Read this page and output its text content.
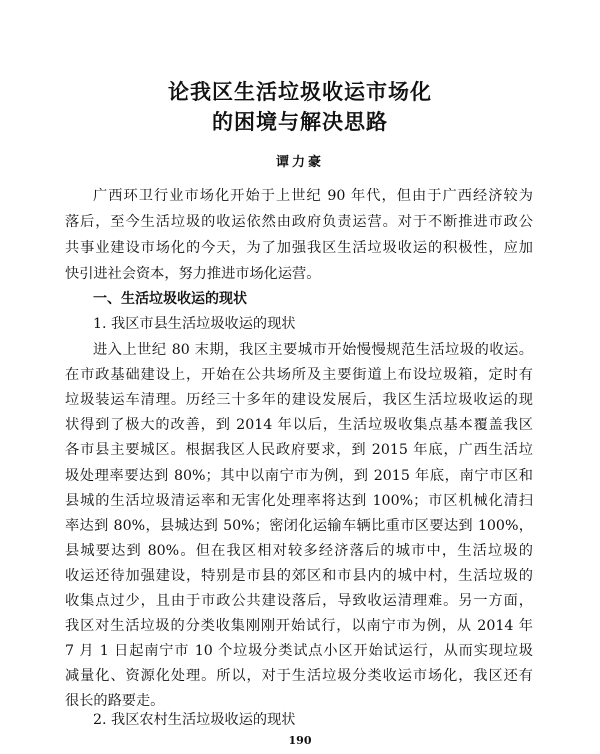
论我区生活垃圾收运市场化
的困境与解决思路
谭力豪
广西环卫行业市场化开始于上世纪 90 年代，但由于广西经济较为
落后，至今生活垃圾的收运依然由政府负责运营。对于不断推进市政公
共事业建设市场化的今天，为了加强我区生活垃圾收运的积极性，应加
快引进社会资本，努力推进市场化运营。
一、生活垃圾收运的现状
1. 我区市县生活垃圾收运的现状
进入上世纪 80 末期，我区主要城市开始慢慢规范生活垃圾的收运。
在市政基础建设上，开始在公共场所及主要街道上布设垃圾箱，定时有
垃圾装运车清理。历经三十多年的建设发展后，我区生活垃圾收运的现
状得到了极大的改善，到 2014 年以后，生活垃圾收集点基本覆盖我区
各市县主要城区。根据我区人民政府要求，到 2015 年底，广西生活垃
圾处理率要达到 80%；其中以南宁市为例，到 2015 年底，南宁市区和
县城的生活垃圾清运率和无害化处理率将达到 100%；市区机械化清扫
率达到 80%，县城达到 50%；密闭化运输车辆比重市区要达到 100%，
县城要达到 80%。但在我区相对较多经济落后的城市中，生活垃圾的
收运还待加强建设，特别是市县的郊区和市县内的城中村，生活垃圾的
收集点过少，且由于市政公共建设落后，导致收运清理难。另一方面，
我区对生活垃圾的分类收集刚刚开始试行，以南宁市为例，从 2014 年
7 月 1 日起南宁市 10 个垃圾分类试点小区开始试运行，从而实现垃圾
减量化、资源化处理。所以，对于生活垃圾分类收运市场化，我区还有
很长的路要走。
2. 我区农村生活垃圾收运的现状
190
